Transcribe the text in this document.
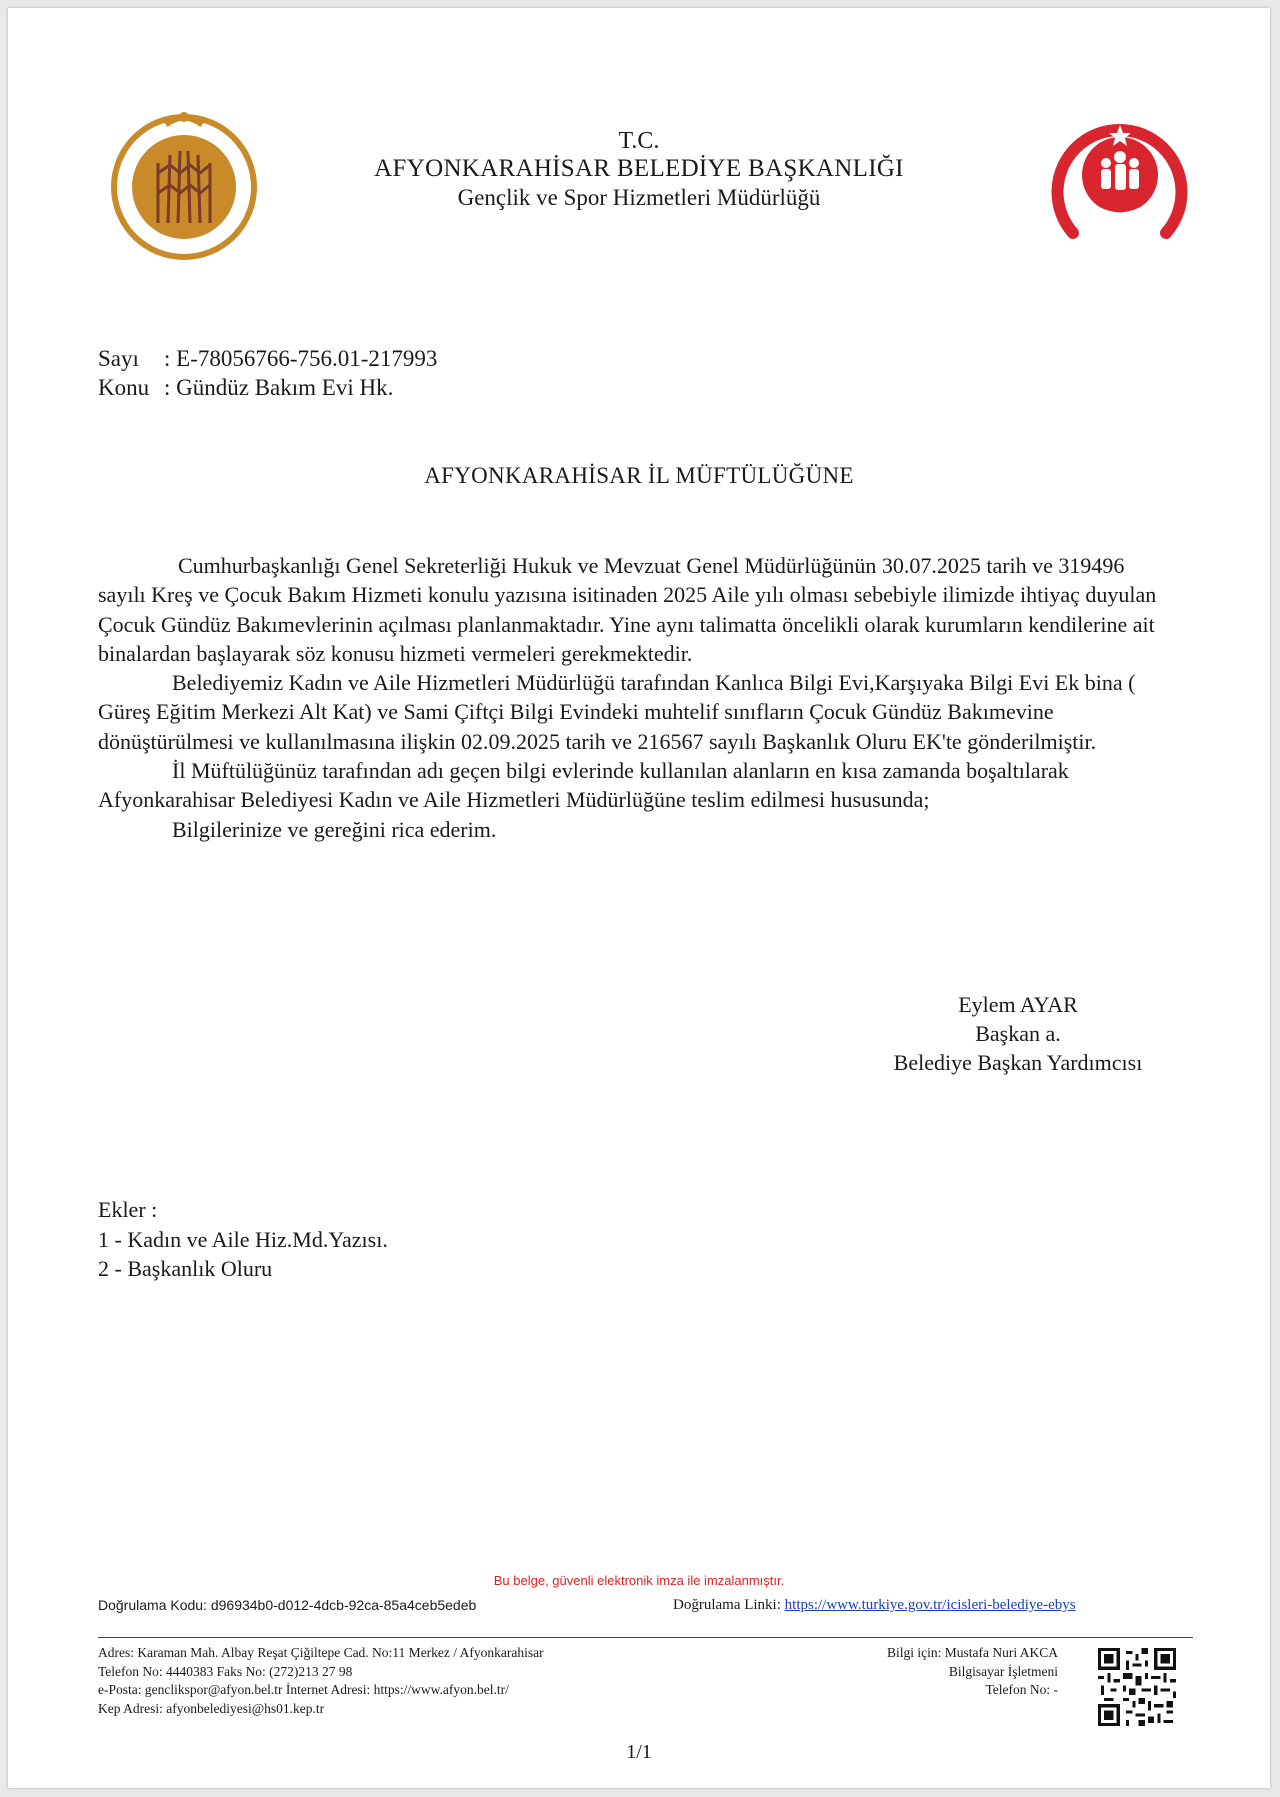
T.C.
AFYONKARAHİSAR BELEDİYE BAŞKANLIĞI
Gençlik ve Spor Hizmetleri Müdürlüğü
Sayı : E-78056766-756.01-217993
Konu : Gündüz Bakım Evi Hk.
AFYONKARAHİSAR İL MÜFTÜLÜĞÜNE

Cumhurbaşkanlığı Genel Sekreterliği Hukuk ve Mevzuat Genel Müdürlüğünün 30.07.2025 tarih ve 319496 sayılı Kreş ve Çocuk Bakım Hizmeti konulu yazısına isitinaden 2025 Aile yılı olması sebebiyle ilimizde ihtiyaç duyulan Çocuk Gündüz Bakımevlerinin açılması planlanmaktadır. Yine aynı talimatta öncelikli olarak kurumların kendilerine ait binalardan başlayarak söz konusu hizmeti vermeleri gerekmektedir.

Belediyemiz Kadın ve Aile Hizmetleri Müdürlüğü tarafından Kanlıca Bilgi Evi,Karşıyaka Bilgi Evi Ek bina ( Güreş Eğitim Merkezi Alt Kat) ve Sami Çiftçi Bilgi Evindeki muhtelif sınıfların Çocuk Gündüz Bakımevine dönüştürülmesi ve kullanılmasına ilişkin 02.09.2025 tarih ve 216567 sayılı Başkanlık Oluru EK'te gönderilmiştir.

İl Müftülüğünüz tarafından adı geçen bilgi evlerinde kullanılan alanların en kısa zamanda boşaltılarak Afyonkarahisar Belediyesi Kadın ve Aile Hizmetleri Müdürlüğüne teslim edilmesi hususunda;

Bilgilerinize ve gereğini rica ederim.

Eylem AYAR
Başkan a.
Belediye Başkan Yardımcısı
Ekler :
1 - Kadın ve Aile Hiz.Md.Yazısı.
2 - Başkanlık Oluru
Bu belge, güvenli elektronik imza ile imzalanmıştır.
Doğrulama Kodu: d96934b0-d012-4dcb-92ca-85a4ceb5edeb	Doğrulama Linki: https://www.turkiye.gov.tr/icisleri-belediye-ebys
Adres: Karaman Mah. Albay Reşat Çiğiltepe Cad. No:11 Merkez / Afyonkarahisar
Telefon No: 4440383 Faks No: (272)213 27 98
e-Posta: genclikspor@afyon.bel.tr İnternet Adresi: https://www.afyon.bel.tr/
Kep Adresi: afyonbelediyesi@hs01.kep.tr
Bilgi için: Mustafa Nuri AKCA
Bilgisayar İşletmeni
Telefon No: -
1/1
